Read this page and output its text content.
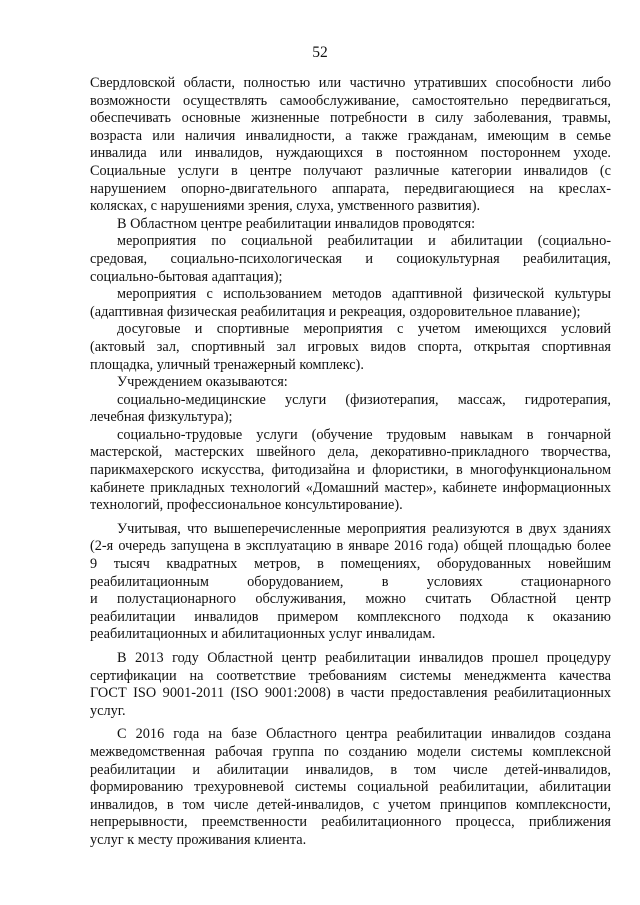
52
Свердловской области, полностью или частично утративших способности либо
возможности осуществлять самообслуживание, самостоятельно передвигаться,
обеспечивать основные жизненные потребности в силу заболевания, травмы,
возраста или наличия инвалидности, а также гражданам, имеющим в семье
инвалида или инвалидов, нуждающихся в постоянном постороннем уходе.
Социальные услуги в центре получают различные категории инвалидов (с
нарушением опорно-двигательного аппарата, передвигающиеся на креслах-
колясках, с нарушениями зрения, слуха, умственного развития).
В Областном центре реабилитации инвалидов проводятся:
мероприятия по социальной реабилитации и абилитации (социально-
средовая, социально-психологическая и социокультурная реабилитация,
социально-бытовая адаптация);
мероприятия с использованием методов адаптивной физической культуры
(адаптивная физическая реабилитация и рекреация, оздоровительное плавание);
досуговые и спортивные мероприятия с учетом имеющихся условий
(актовый зал, спортивный зал игровых видов спорта, открытая спортивная
площадка, уличный тренажерный комплекс).
Учреждением оказываются:
социально-медицинские услуги (физиотерапия, массаж, гидротерапия,
лечебная физкультура);
социально-трудовые услуги (обучение трудовым навыкам в гончарной
мастерской, мастерских швейного дела, декоративно-прикладного творчества,
парикмахерского искусства, фитодизайна и флористики, в многофункциональном
кабинете прикладных технологий «Домашний мастер», кабинете информационных
технологий, профессиональное консультирование).
Учитывая, что вышеперечисленные мероприятия реализуются в двух зданиях
(2-я очередь запущена в эксплуатацию в январе 2016 года) общей площадью более
9 тысяч квадратных метров, в помещениях, оборудованных новейшим
реабилитационным оборудованием, в условиях стационарного
и полустационарного обслуживания, можно считать Областной центр
реабилитации инвалидов примером комплексного подхода к оказанию
реабилитационных и абилитационных услуг инвалидам.
В 2013 году Областной центр реабилитации инвалидов прошел процедуру
сертификации на соответствие требованиям системы менеджмента качества
ГОСТ ISO 9001-2011 (ISO 9001:2008) в части предоставления реабилитационных
услуг.
С 2016 года на базе Областного центра реабилитации инвалидов создана
межведомственная рабочая группа по созданию модели системы комплексной
реабилитации и абилитации инвалидов, в том числе детей-инвалидов,
формированию трехуровневой системы социальной реабилитации, абилитации
инвалидов, в том числе детей-инвалидов, с учетом принципов комплексности,
непрерывности, преемственности реабилитационного процесса, приближения
услуг к месту проживания клиента.
